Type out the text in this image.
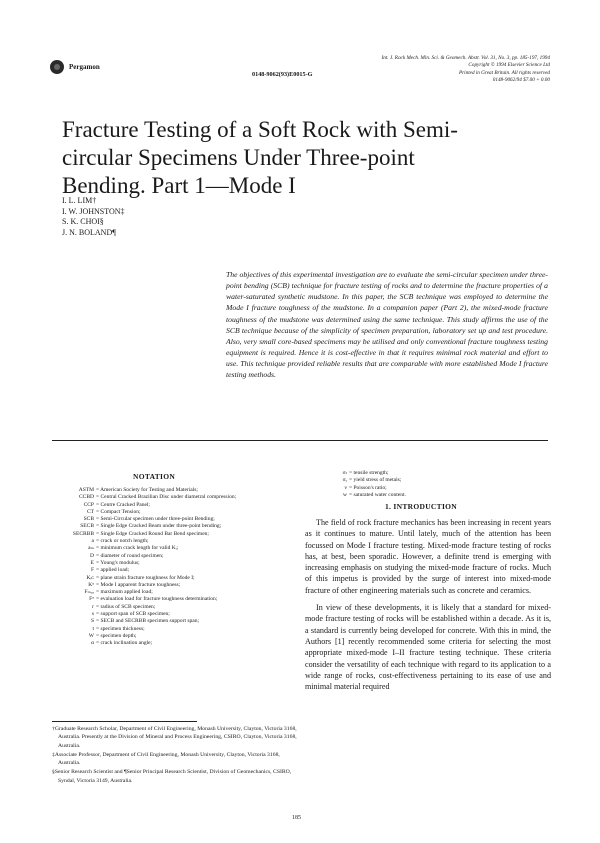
Pergamon
0148-9062(93)E0015-G
Int. J. Rock Mech. Min. Sci. & Geomech. Abstr. Vol. 31, No. 3, pp. 185-197, 1994
Copyright © 1994 Elsevier Science Ltd
Printed in Great Britain. All rights reserved
0148-9062/94 $7.00 + 0.00
Fracture Testing of a Soft Rock with Semi-circular Specimens Under Three-point Bending. Part 1—Mode I
I. L. LIM†
I. W. JOHNSTON‡
S. K. CHOI§
J. N. BOLAND¶
The objectives of this experimental investigation are to evaluate the semi-circular specimen under three-point bending (SCB) technique for fracture testing of rocks and to determine the fracture properties of a water-saturated synthetic mudstone. In this paper, the SCB technique was employed to determine the Mode I fracture toughness of the mudstone. In a companion paper (Part 2), the mixed-mode fracture toughness of the mudstone was determined using the same technique. This study affirms the use of the SCB technique because of the simplicity of specimen preparation, laboratory set up and test procedure. Also, very small core-based specimens may be utilised and only conventional fracture toughness testing equipment is required. Hence it is cost-effective in that it requires minimal rock material and effort to use. This technique provided reliable results that are comparable with more established Mode I fracture testing methods.
NOTATION
ASTM = American Society for Testing and Materials;
CCBD = Central Cracked Brazilian Disc under diametral compression;
CCP = Centre Cracked Panel;
CT = Compact Tension;
SCB = Semi-Circular specimen under three-point Bending;
SECB = Single Edge Cracked Beam under three-point bending;
SECRBB = Single Edge Cracked Round Bar Bend specimen;
a = crack or notch length;
aₘ = minimum crack length for valid Kᵢ;
D = diameter of round specimen;
E = Young's modulus;
F = applied load;
Kᵢᴄ = plane strain fracture toughness for Mode I;
Kᵠ = Mode I apparent fracture toughness;
Fₘₐₓ = maximum applied load;
Fᵠ = evaluation load for fracture toughness determination;
r = radius of SCB specimen;
s = support span of SCB specimen;
S = SECB and SECRBB specimen support span;
t = specimen thickness;
W = specimen depth;
α = crack inclination angle;
σₜ = tensile strength;
σᵧ = yield stress of metals;
ν = Poisson's ratio;
w = saturated water content.

†Graduate Research Scholar, Department of Civil Engineering, Monash University, Clayton, Victoria 3168, Australia. Presently at the Division of Mineral and Process Engineering, CSIRO, Clayton, Victoria 3168, Australia.

‡Associate Professor, Department of Civil Engineering, Monash University, Clayton, Victoria 3168, Australia.

§Senior Research Scientist and ¶Senior Principal Research Scientist, Division of Geomechanics, CSIRO, Syndal, Victoria 3149, Australia.

1. INTRODUCTION

The field of rock fracture mechanics has been increasing in recent years as it continues to mature. Until lately, much of the attention has been focussed on Mode I fracture testing. Mixed-mode fracture testing of rocks has, at best, been sporadic. However, a definite trend is emerging with increasing emphasis on studying the mixed-mode fracture of rocks. Much of this impetus is provided by the surge of interest into mixed-mode fracture of other engineering materials such as concrete and ceramics.

In view of these developments, it is likely that a standard for mixed-mode fracture testing of rocks will be established within a decade. As it is, a standard is currently being developed for concrete. With this in mind, the Authors [1] recently recommended some criteria for selecting the most appropriate mixed-mode I–II fracture testing technique. These criteria consider the versatility of each technique with regard to its application to a wide range of rocks, cost-effectiveness pertaining to its ease of use and minimal material required

185
